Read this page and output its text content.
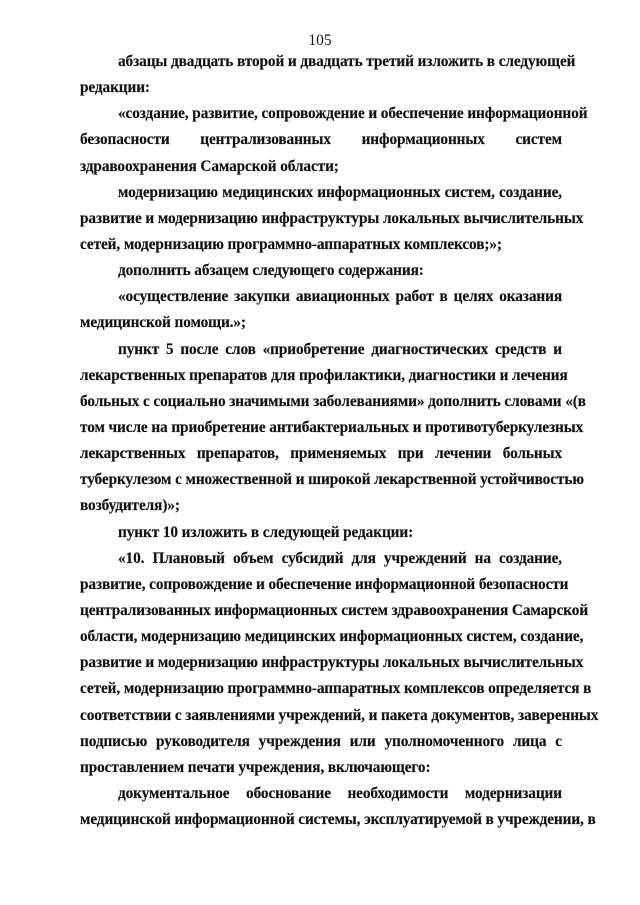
105
абзацы двадцать второй и двадцать третий изложить в следующей
редакции:
«создание, развитие, сопровождение и обеспечение информационной
безопасности централизованных информационных систем
здравоохранения Самарской области;
модернизацию медицинских информационных систем, создание,
развитие и модернизацию инфраструктуры локальных вычислительных
сетей, модернизацию программно-аппаратных комплексов;»;
дополнить абзацем следующего содержания:
«осуществление закупки авиационных работ в целях оказания
медицинской помощи.»;
пункт 5 после слов «приобретение диагностических средств и
лекарственных препаратов для профилактики, диагностики и лечения
больных с социально значимыми заболеваниями» дополнить словами «(в
том числе на приобретение антибактериальных и противотуберкулезных
лекарственных препаратов, применяемых при лечении больных
туберкулезом с множественной и широкой лекарственной устойчивостью
возбудителя)»;
пункт 10 изложить в следующей редакции:
«10. Плановый объем субсидий для учреждений на создание,
развитие, сопровождение и обеспечение информационной безопасности
централизованных информационных систем здравоохранения Самарской
области, модернизацию медицинских информационных систем, создание,
развитие и модернизацию инфраструктуры локальных вычислительных
сетей, модернизацию программно-аппаратных комплексов определяется в
соответствии с заявлениями учреждений, и пакета документов, заверенных
подписью руководителя учреждения или уполномоченного лица с
проставлением печати учреждения, включающего:
документальное обоснование необходимости модернизации
медицинской информационной системы, эксплуатируемой в учреждении, в
